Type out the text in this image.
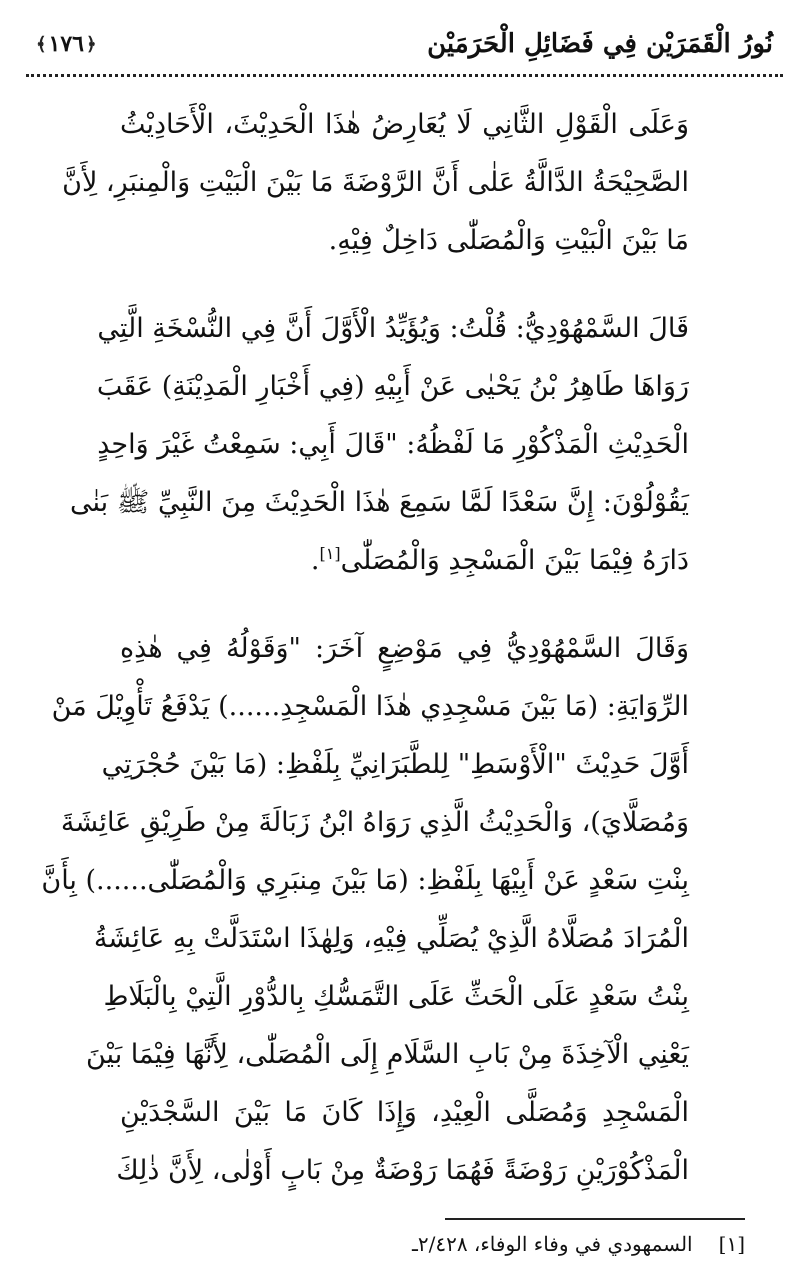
نُورُ الْقَمَرَيْن فِي فَضَائِلِ الْحَرَمَيْن
﴿
١٧٦
﴾
وَعَلَى الْقَوْلِ الثَّانِي لَا يُعَارِضُ هٰذَا الْحَدِيْثَ، الْأَحَادِيْثُ
الصَّحِيْحَةُ الدَّالَّةُ عَلٰى أَنَّ الرَّوْضَةَ مَا بَيْنَ الْبَيْتِ وَالْمِنبَرِ، لِأَنَّ
مَا بَيْنَ الْبَيْتِ وَالْمُصَلّٰى دَاخِلٌ فِيْهِ.
قَالَ السَّمْهُوْدِيُّ: قُلْتُ: وَيُؤَيِّدُ الْأَوَّلَ أَنَّ فِي النُّسْخَةِ الَّتِي
رَوَاهَا طَاهِرُ بْنُ يَحْيٰى عَنْ أَبِيْهِ (فِي أَخْبَارِ الْمَدِيْنَةِ) عَقَبَ
الْحَدِيْثِ الْمَذْكُوْرِ مَا لَفْظُهُ: "قَالَ أَبِي: سَمِعْتُ غَيْرَ وَاحِدٍ
يَقُوْلُوْنَ: إِنَّ سَعْدًا لَمَّا سَمِعَ هٰذَا الْحَدِيْثَ مِنَ النَّبِيِّ ﷺ بَنٰى
دَارَهُ فِيْمَا بَيْنَ الْمَسْجِدِ وَالْمُصَلّٰى[١].
وَقَالَ السَّمْهُوْدِيُّ فِي مَوْضِعٍ آخَرَ: "وَقَوْلُهُ فِي هٰذِهِ
الرِّوَايَةِ: (مَا بَيْنَ مَسْجِدِي هٰذَا الْمَسْجِدِ......) يَدْفَعُ تَأْوِيْلَ مَنْ
أَوَّلَ حَدِيْثَ "الْأَوْسَطِ" لِلطَّبَرَانِيِّ بِلَفْظِ: (مَا بَيْنَ حُجْرَتِي
وَمُصَلَّايَ)، وَالْحَدِيْثُ الَّذِي رَوَاهُ ابْنُ زَبَالَةَ مِنْ طَرِيْقِ عَائِشَةَ
بِنْتِ سَعْدٍ عَنْ أَبِيْهَا بِلَفْظِ: (مَا بَيْنَ مِنبَرِي وَالْمُصَلّٰى......) بِأَنَّ
الْمُرَادَ مُصَلَّاهُ الَّذِيْ يُصَلِّي فِيْهِ، وَلِهٰذَا اسْتَدَلَّتْ بِهِ عَائِشَةُ
بِنْتُ سَعْدٍ عَلَى الْحَثِّ عَلَى التَّمَسُّكِ بِالدُّوْرِ الَّتِيْ بِالْبَلَاطِ
يَعْنِي الْآخِذَةَ مِنْ بَابِ السَّلَامِ إِلَى الْمُصَلّٰى، لِأَنَّهَا فِيْمَا بَيْنَ
الْمَسْجِدِ وَمُصَلَّى الْعِيْدِ، وَإِذَا كَانَ مَا بَيْنَ السَّجْدَيْنِ
الْمَذْكُوْرَيْنِ رَوْضَةً فَهُمَا رَوْضَةٌ مِنْ بَابٍ أَوْلٰى، لِأَنَّ ذٰلِكَ
[١]
السمهودي في وفاء الوفاء، ٢/٤٢٨ـ
